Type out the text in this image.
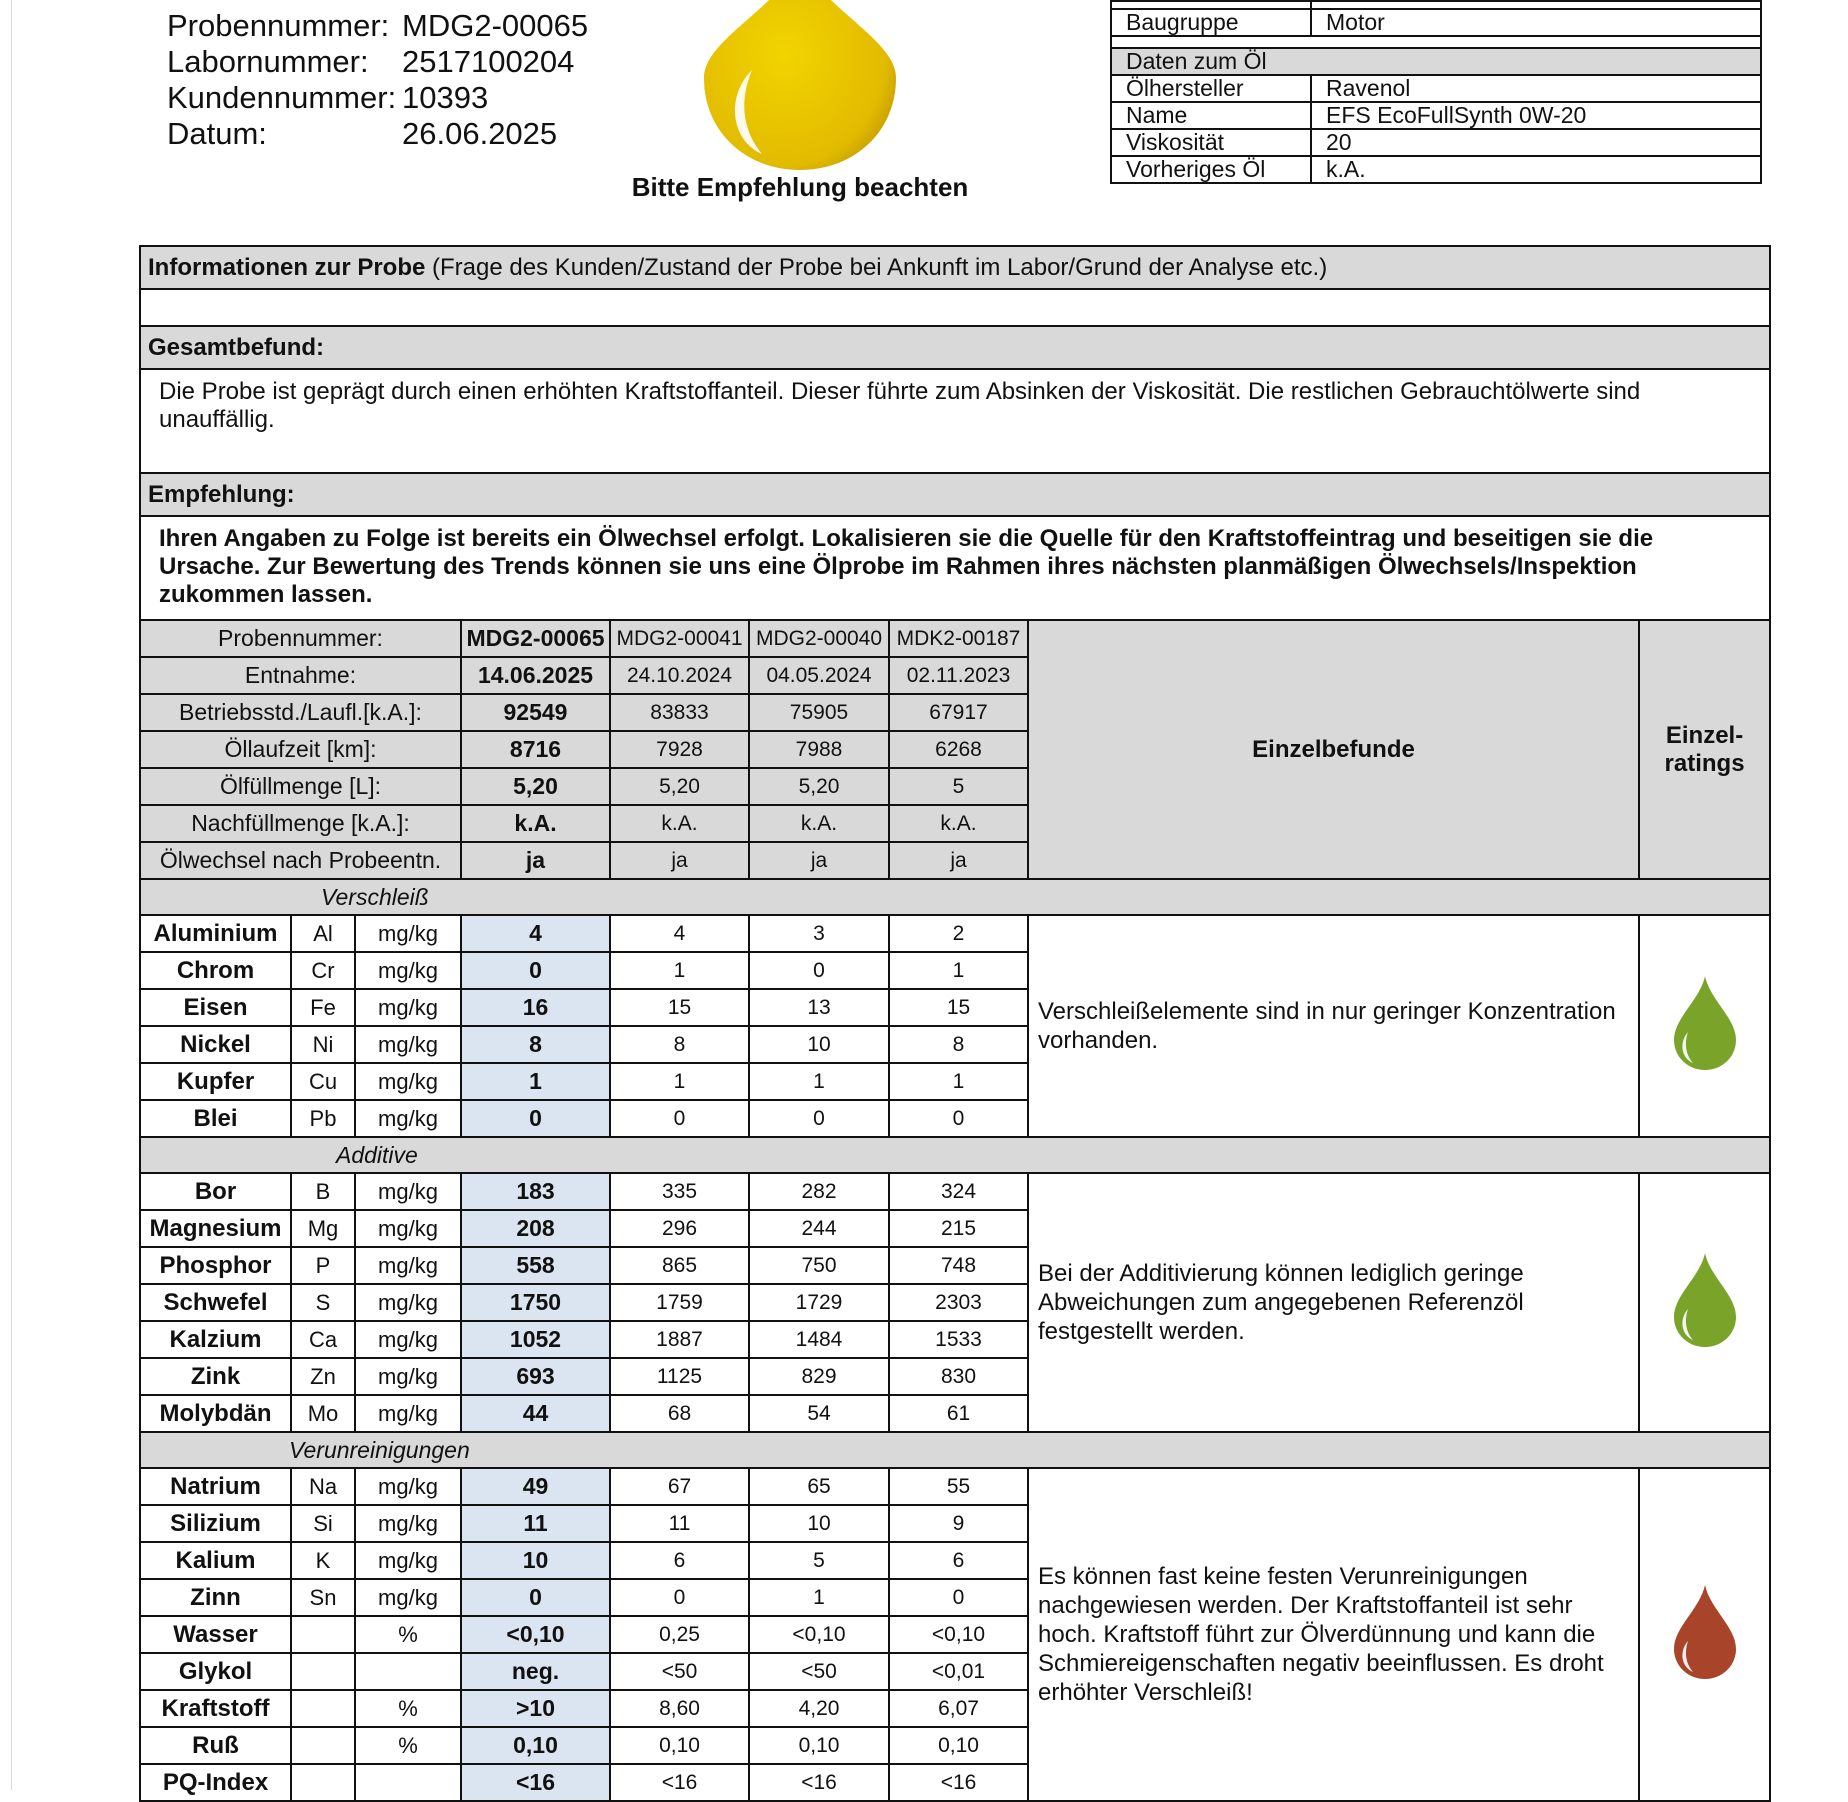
Probennummer: MDG2-00065
Labornummer:	2517100204
Kundennummer: 10393
Datum:	26.06.2025
Bitte Empfehlung beachten

Baugruppe	Motor

Daten zum Öl	
Ölhersteller	Ravenol
Name	EFS EcoFullSynth 0W-20
Viskosität	20
Vorheriges Öl	k.A.
Informationen zur Probe (Frage des Kunden/Zustand der Probe bei Ankunft im Labor/Grund der Analyse etc.)								

Gesamtbefund:								
Die Probe ist geprägt durch einen erhöhten Kraftstoffanteil. Dieser führte zum Absinken der Viskosität. Die restlichen Gebrauchtölwerte sind unauffällig.								
Empfehlung:								
Ihren Angaben zu Folge ist bereits ein Ölwechsel erfolgt. Lokalisieren sie die Quelle für den Kraftstoffeintrag und beseitigen sie die Ursache. Zur Bewertung des Trends können sie uns eine Ölprobe im Rahmen ihres nächsten planmäßigen Ölwechsels/Inspektion zukommen lassen.								
Probennummer:			MDG2-00065	MDG2-00041	MDG2-00040	MDK2-00187	Einzelbefunde	Einzel-ratings
Entnahme:			14.06.2025	24.10.2024	04.05.2024	02.11.2023		
Betriebsstd./Laufl.[k.A.]:			92549	83833	75905	67917		
Öllaufzeit [km]:			8716	7928	7988	6268		
Ölfüllmenge [L]:			5,20	5,20	5,20	5		
Nachfüllmenge [k.A.]:			k.A.	k.A.	k.A.	k.A.		
Ölwechsel nach Probeentn.			ja	ja	ja	ja		
Verschleiß								
Aluminium	Al	mg/kg	4	4	3	2	Verschleißelemente sind in nur geringer Konzentration vorhanden.	
Chrom	Cr	mg/kg	0	1	0	1		
Eisen	Fe	mg/kg	16	15	13	15		
Nickel	Ni	mg/kg	8	8	10	8		
Kupfer	Cu	mg/kg	1	1	1	1		
Blei	Pb	mg/kg	0	0	0	0		
Additive								
Bor	B	mg/kg	183	335	282	324	Bei der Additivierung können lediglich geringe Abweichungen zum angegebenen Referenzöl festgestellt werden.	
Magnesium	Mg	mg/kg	208	296	244	215		
Phosphor	P	mg/kg	558	865	750	748		
Schwefel	S	mg/kg	1750	1759	1729	2303		
Kalzium	Ca	mg/kg	1052	1887	1484	1533		
Zink	Zn	mg/kg	693	1125	829	830		
Molybdän	Mo	mg/kg	44	68	54	61		
Verunreinigungen								
Natrium	Na	mg/kg	49	67	65	55	Es können fast keine festen Verunreinigungen nachgewiesen werden. Der Kraftstoffanteil ist sehr hoch. Kraftstoff führt zur Ölverdünnung und kann die Schmiereigenschaften negativ beeinflussen. Es droht erhöhter Verschleiß!	
Silizium	Si	mg/kg	11	11	10	9		
Kalium	K	mg/kg	10	6	5	6		
Zinn	Sn	mg/kg	0	0	1	0		
Wasser		%	<0,10	0,25	<0,10	<0,10		
Glykol			neg.	<50	<50	<0,01		
Kraftstoff		%	>10	8,60	4,20	6,07		
Ruß		%	0,10	0,10	0,10	0,10		
PQ-Index			<16	<16	<16	<16		
